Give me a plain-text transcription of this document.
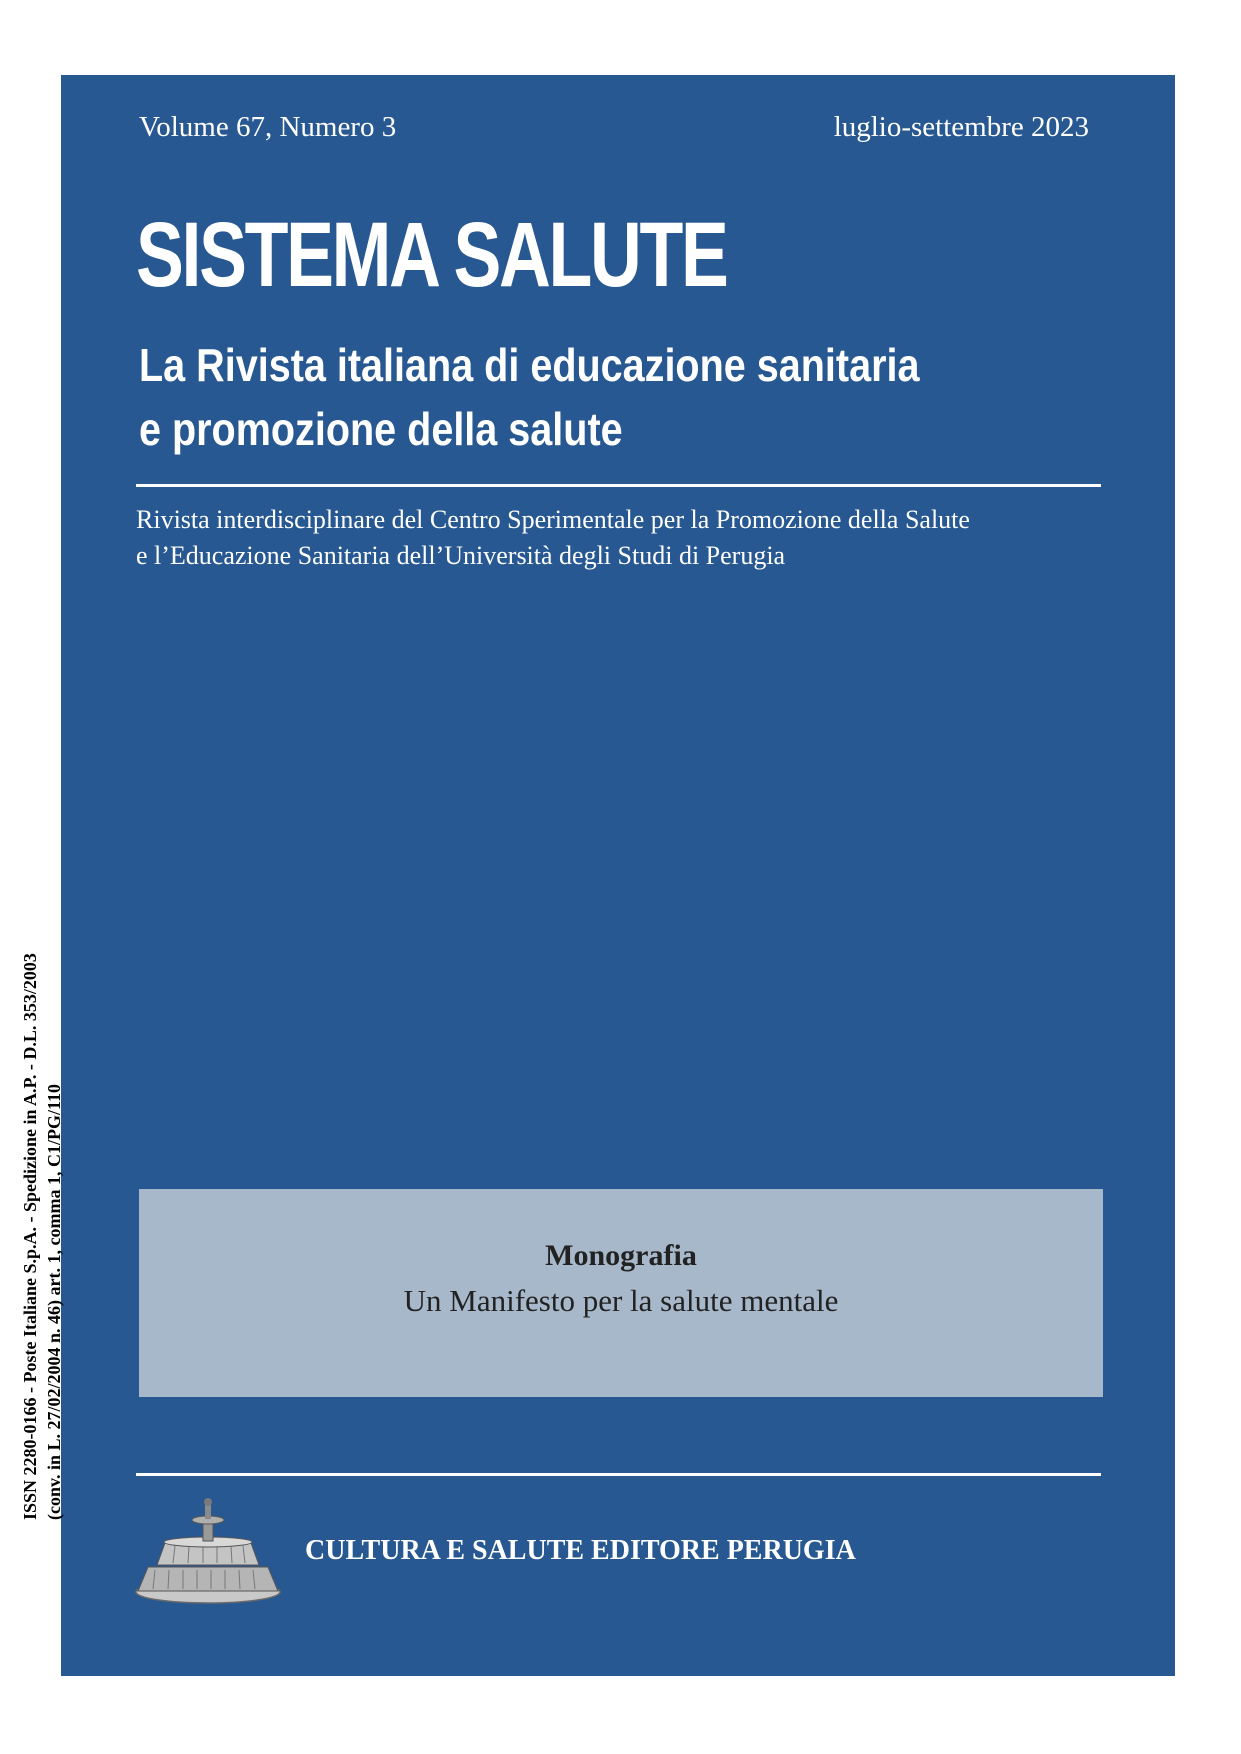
Volume 67, Numero 3	luglio-settembre 2023
SISTEMA SALUTE
La Rivista italiana di educazione sanitaria
e promozione della salute
Rivista interdisciplinare del Centro Sperimentale per la Promozione della Salute
e l’Educazione Sanitaria dell’Università degli Studi di Perugia
Monografia
Un Manifesto per la salute mentale
CULTURA E SALUTE EDITORE PERUGIA
ISSN 2280-0166 - Poste Italiane S.p.A. - Spedizione in A.P. - D.L. 353/2003 (conv. in L. 27/02/2004 n. 46) art. 1, comma 1, C1/PG/110
